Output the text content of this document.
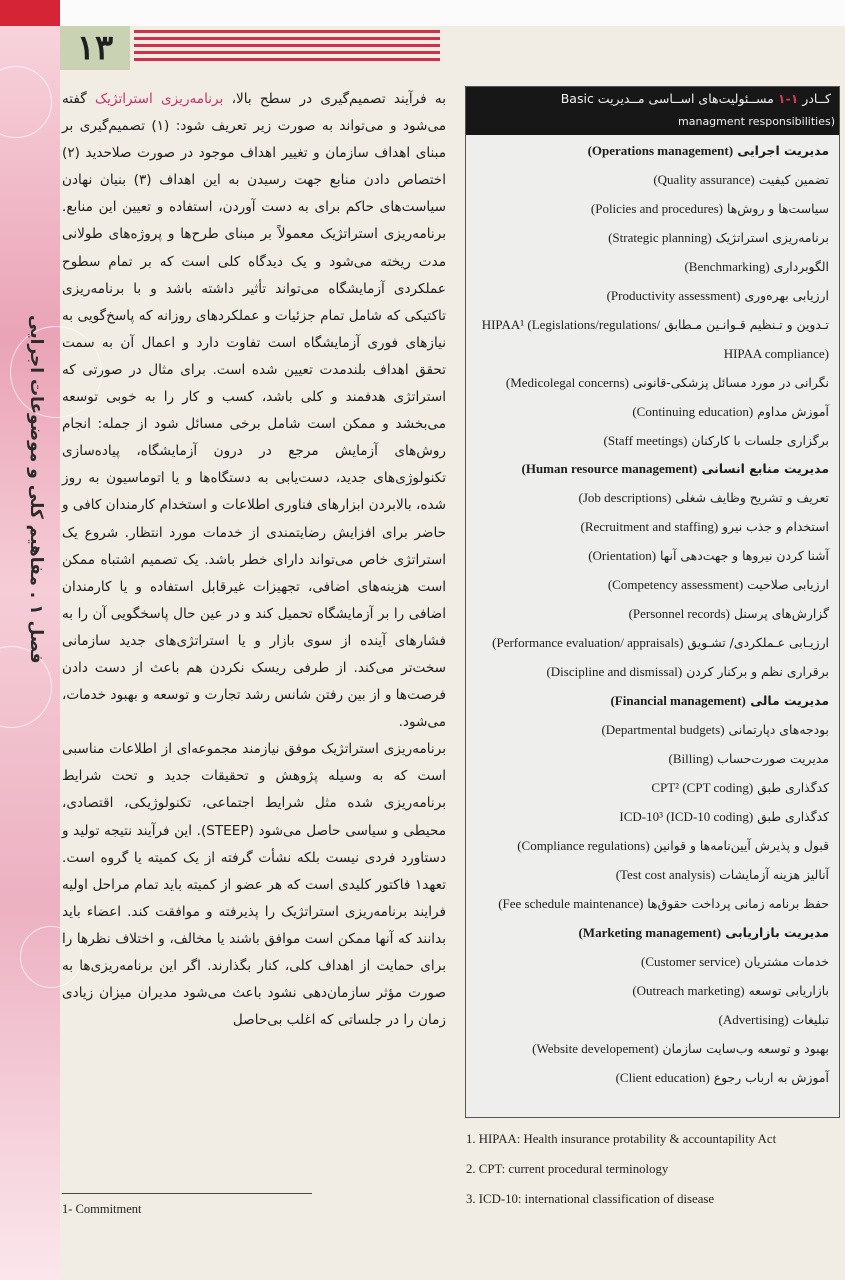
فصل ۱ . مفاهیم کلی و موضوعات اجرایی
۱۳

به فرآیند تصمیم‌گیری در سطح بالا، برنامه‌ریزی استراتژیک گفته می‌شود و می‌تواند به صورت زیر تعریف شود: (۱) تصمیم‌گیری بر مبنای اهداف سازمان و تغییر اهداف موجود در صورت صلاحدید (۲) اختصاص دادن منابع جهت رسیدن به این اهداف (۳) بنیان نهادن سیاست‌های حاکم برای به دست آوردن، استفاده و تعیین این منابع. برنامه‌ریزی استراتژیک معمولاً بر مبنای طرح‌ها و پروژه‌های طولانی مدت ریخته می‌شود و یک دیدگاه کلی است که بر تمام سطوح عملکردی آزمایشگاه می‌تواند تأثیر داشته باشد و با برنامه‌ریزی تاکتیکی که شامل تمام جزئیات و عملکردهای روزانه که پاسخ‌گویی به نیازهای فوری آزمایشگاه است تفاوت دارد و اعمال آن به سمت تحقق اهداف بلندمدت تعیین شده است. برای مثال در صورتی که استراتژی هدفمند و کلی باشد، کسب و کار را به خوبی توسعه می‌بخشد و ممکن است شامل برخی مسائل شود از جمله: انجام روش‌های آزمایش مرجع در درون آزمایشگاه، پیاده‌سازی تکنولوژی‌های جدید، دست‌یابی به دستگاه‌ها و یا اتوماسیون به روز شده، بالابردن ابزارهای فناوری اطلاعات و استخدام کارمندان کافی و حاضر برای افزایش رضایتمندی از خدمات مورد انتظار. شروع یک استراتژی خاص می‌تواند دارای خطر باشد. یک تصمیم اشتباه ممکن است هزینه‌های اضافی، تجهیزات غیرقابل استفاده و یا کارمندان اضافی را بر آزمایشگاه تحمیل کند و در عین حال پاسخگویی آن را به فشارهای آینده از سوی بازار و یا استراتژی‌های جدید سازمانی سخت‌تر می‌کند. از طرفی ریسک نکردن هم باعث از دست دادن فرصت‌ها و از بین رفتن شانس رشد تجارت و توسعه و بهبود خدمات، می‌شود.

برنامه‌ریزی استراتژیک موفق نیازمند مجموعه‌ای از اطلاعات مناسبی است که به وسیله پژوهش و تحقیقات جدید و تحت شرایط برنامه‌ریزی شده مثل شرایط اجتماعی، تکنولوژیکی، اقتصادی، محیطی و سیاسی حاصل می‌شود (STEEP). این فرآیند نتیجه تولید و دستاورد فردی نیست بلکه نشأت گرفته از یک کمیته یا گروه است. تعهد۱ فاکتور کلیدی است که هر عضو از کمیته باید تمام مراحل اولیه فرایند برنامه‌ریزی استراتژیک را پذیرفته و موافقت کند. اعضاء باید بدانند که آنها ممکن است موافق باشند یا مخالف، و اختلاف نظرها را برای حمایت از اهداف کلی، کنار بگذارند. اگر این برنامه‌ریزی‌ها به صورت مؤثر سازمان‌دهی نشود باعث می‌شود مدیران میزان زیادی زمان را در جلساتی که اغلب بی‌حاصل

1- Commitment
کــادر ۱-۱ مســئولیت‌های اســاسی مــدیریت Basic
managment responsibilities)
مدیریت اجرایی (Operations management)
تضمین کیفیت (Quality assurance)
سیاست‌ها و روش‌ها (Policies and procedures)
برنامه‌ریزی استراتژیک (Strategic planning)
الگوبرداری (Benchmarking)
ارزیابی بهره‌وری (Productivity assessment)
تـدوین و تـنظیم قـوانـین مـطابق HIPAA¹ (Legislations/regulations/ HIPAA compliance)
نگرانی در مورد مسائل پزشکی-قانونی (Medicolegal concerns)
آموزش مداوم (Continuing education)
برگزاری جلسات با کارکنان (Staff meetings)
مدیریت منابع انسانی (Human resource management)
تعریف و تشریح وظایف شغلی (Job descriptions)
استخدام و جذب نیرو (Recruitment and staffing)
آشنا کردن نیروها و جهت‌دهی آنها (Orientation)
ارزیابی صلاحیت (Competency assessment)
گزارش‌های پرسنل (Personnel records)
ارزیـابی عـملکردی/ تشـویق (Performance evaluation/ appraisals)
برقراری نظم و برکنار کردن (Discipline and dismissal)
مدیریت مالی (Financial management)
بودجه‌های دپارتمانی (Departmental budgets)
مدیریت صورت‌حساب (Billing)
کدگذاری طبق CPT² (CPT coding)
کدگذاری طبق ICD-10³ (ICD-10 coding)
قبول و پذیرش آیین‌نامه‌ها و قوانین (Compliance regulations)
آنالیز هزینه آزمایشات (Test cost analysis)
حفظ برنامه زمانی پرداخت حقوق‌ها (Fee schedule maintenance)
مدیریت بازاریابی (Marketing management)
خدمات مشتریان (Customer service)
بازاریابی توسعه (Outreach marketing)
تبلیغات (Advertising)
بهبود و توسعه وب‌سایت سازمان (Website developement)
آموزش به ارباب رجوع (Client education)
1. HIPAA: Health insurance protability & accountapility Act
2. CPT: current procedural terminology
3. ICD-10: international classification of disease
